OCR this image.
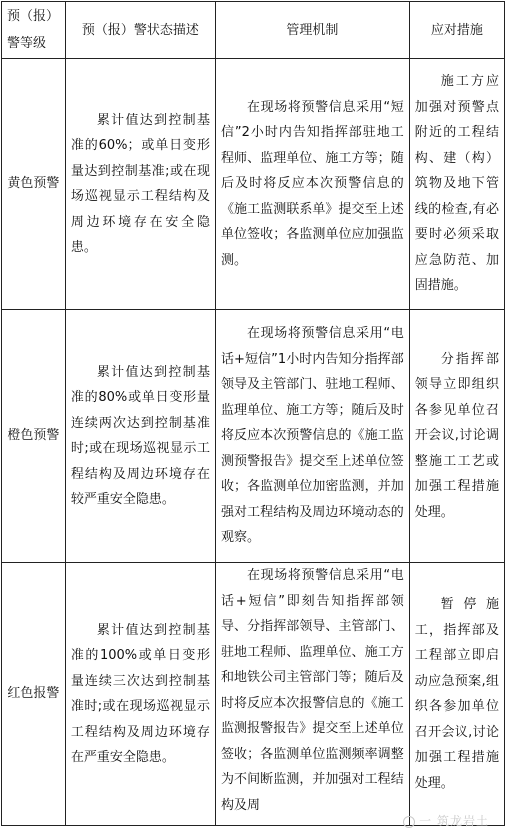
预（报）警等级	预（报）警状态描述	管理机制	应对措施
黄色预警	累计值达到控制基准的60%；或单日变形量达到控制基准;或在现场巡视显示工程结构及周边环境存在安全隐患。	在现场将预警信息采用“短信”2小时内告知指挥部驻地工程师、监理单位、施工方等；随后及时将反应本次预警信息的《施工监测联系单》提交至上述单位签收；各监测单位应加强监测。	施工方应加强对预警点附近的工程结构、建（构）筑物及地下管线的检查,有必要时必须采取应急防范、加固措施。

橙色预警	累计值达到控制基准的80%或单日变形量连续两次达到控制基准时;或在现场巡视显示工程结构及周边环境存在较严重安全隐患。	在现场将预警信息采用“电话+短信”1小时内告知分指挥部领导及主管部门、驻地工程师、监理单位、施工方等；随后及时将反应本次预警信息的《施工监测预警报告》提交至上述单位签收；各监测单位加密监测，并加强对工程结构及周边环境动态的观察。	分指挥部领导立即组织各参见单位召开会议,讨论调整施工工艺或加强工程措施处理。

红色报警	累计值达到控制基准的100%或单日变形量连续三次达到控制基准时;或在现场巡视显示工程结构及周边环境存在严重安全隐患。	在现场将预警信息采用“电话+短信”即刻告知指挥部领导、分指挥部领导、主管部门、驻地工程师、监理单位、施工方和地铁公司主管部门等；随后及时将反应本次报警信息的《施工监测报警报告》提交至上述单位签收；各监测单位监测频率调整为不间断监测，并加强对工程结构及周	暂停施工，指挥部及工程部立即启动应急预案,组织各参加单位召开会议,讨论加强工程措施处理。
一 筑龙岩土
